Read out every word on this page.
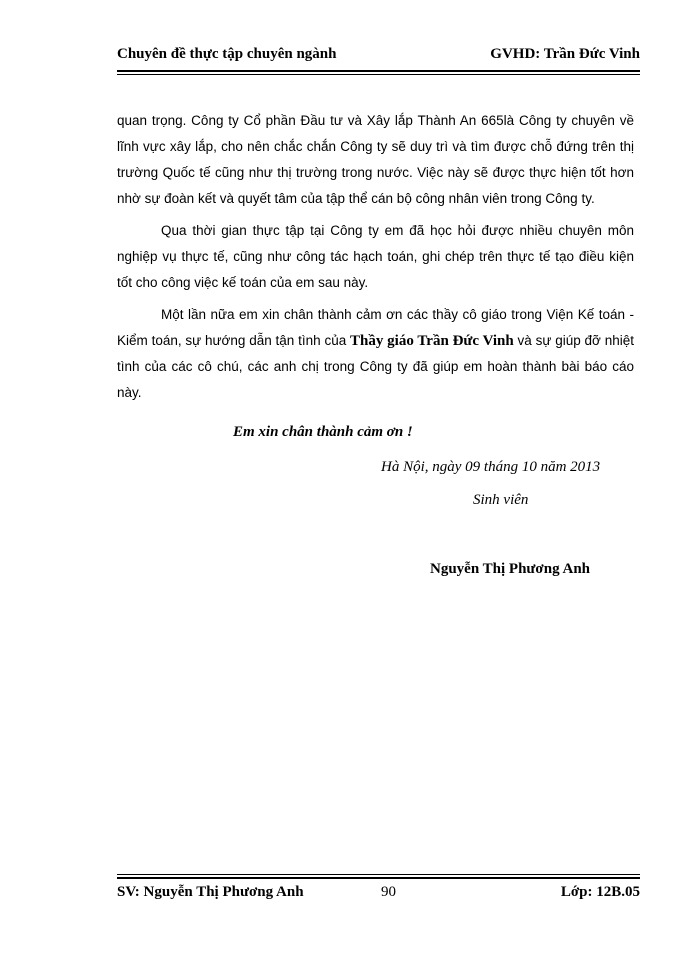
Chuyên đề thực tập chuyên ngành	GVHD: Trần Đức Vinh

quan trọng. Công ty Cổ phần Đầu tư và Xây lắp Thành An 665là Công ty chuyên về lĩnh vực xây lắp, cho nên chắc chắn Công ty sẽ duy trì và tìm được chỗ đứng trên thị trường Quốc tế cũng như thị trường trong nước. Việc này sẽ được thực hiện tốt hơn nhờ sự đoàn kết và quyết tâm của tập thể cán bộ công nhân viên trong Công ty.

Qua thời gian thực tập tại Công ty em đã học hỏi được nhiều chuyên môn nghiệp vụ thực tế, cũng như công tác hạch toán, ghi chép trên thực tế tạo điều kiện tốt cho công việc kế toán của em sau này.

Một lần nữa em xin chân thành cảm ơn các thầy cô giáo trong Viện Kế toán - Kiểm toán, sự hướng dẫn tận tình của Thầy giáo Trần Đức Vinh và sự giúp đỡ nhiệt tình của các cô chú, các anh chị trong Công ty đã giúp em hoàn thành bài báo cáo này.

Em xin chân thành cảm ơn !
Hà Nội, ngày 09 tháng 10 năm 2013
Sinh viên
Nguyễn Thị Phương Anh
SV: Nguyễn Thị Phương Anh	90	Lớp: 12B.05
